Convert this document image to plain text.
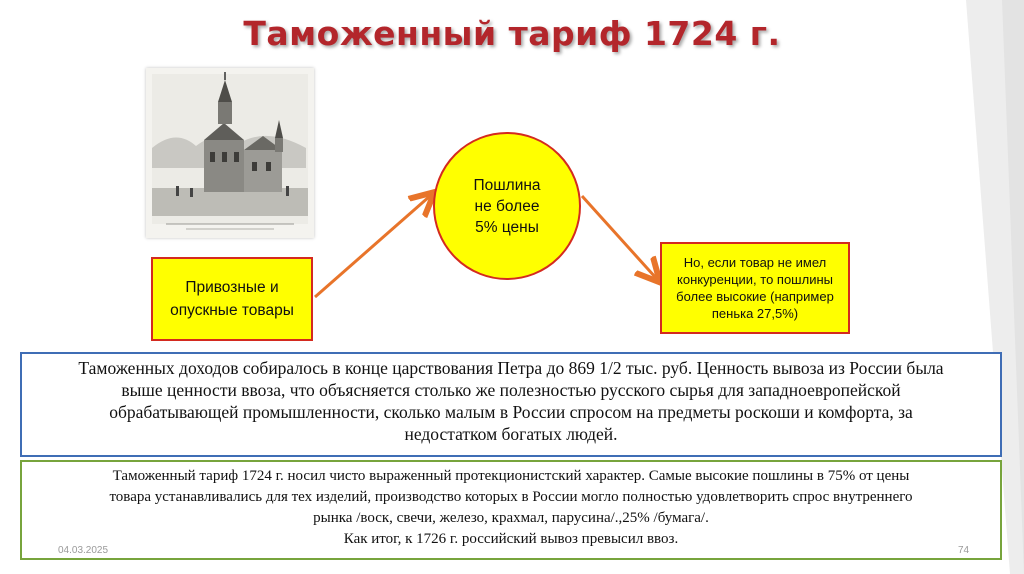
Таможенный тариф 1724 г.
Пошлина
не более
5% цены
Привозные и
опускные товары
Но, если товар не имел
конкуренции, то пошлины
более высокие (например
пенька 27,5%)
Таможенных доходов собиралось в конце царствования Петра до 869 1/2 тыс. руб. Ценность вывоза из России была
выше ценности ввоза, что объясняется столько же полезностью русского сырья для западноевропейской
обрабатывающей промышленности, сколько малым в России спросом на предметы роскоши и комфорта, за
недостатком богатых людей.
Таможенный тариф 1724 г. носил чисто выраженный протекционистский характер. Самые высокие пошлины в 75% от цены
товара устанавливались для тех изделий, производство которых в России могло полностью удовлетворить спрос внутреннего
рынка /воск, свечи, железо, крахмал, парусина/.,25% /бумага/.
Как итог, к 1726 г. российский вывоз превысил ввоз.
04.03.2025	74
